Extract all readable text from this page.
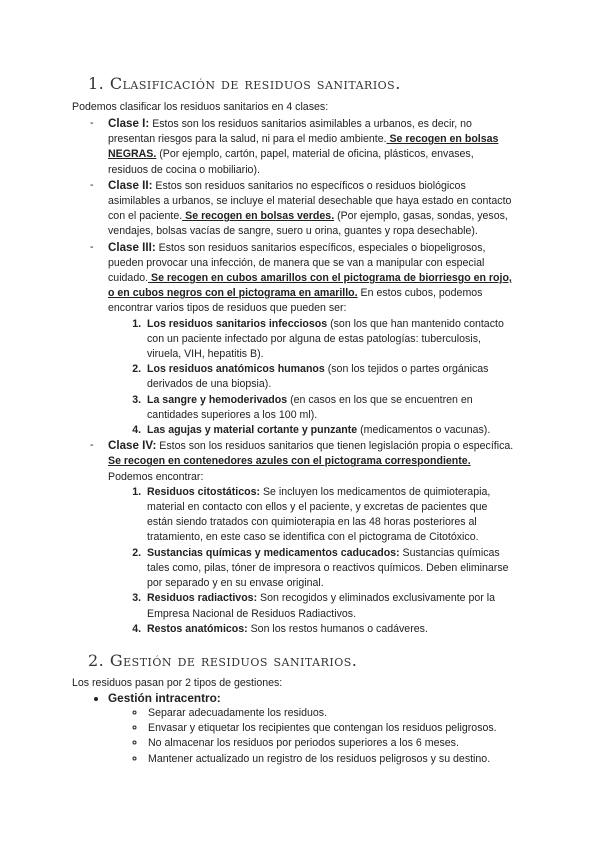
1. Clasificación de residuos sanitarios.
Podemos clasificar los residuos sanitarios en 4 clases:
- Clase I: Estos son los residuos sanitarios asimilables a urbanos, es decir, no presentan riesgos para la salud, ni para el medio ambiente. Se recogen en bolsas NEGRAS. (Por ejemplo, cartón, papel, material de oficina, plásticos, envases, residuos de cocina o mobiliario).
- Clase II: Estos son residuos sanitarios no específicos o residuos biológicos asimilables a urbanos, se incluye el material desechable que haya estado en contacto con el paciente. Se recogen en bolsas verdes. (Por ejemplo, gasas, sondas, yesos, vendajes, bolsas vacías de sangre, suero u orina, guantes y ropa desechable).
- Clase III: Estos son residuos sanitarios específicos, especiales o biopeligrosos, pueden provocar una infección, de manera que se van a manipular con especial cuidado. Se recogen en cubos amarillos con el pictograma de biorriesgo en rojo, o en cubos negros con el pictograma en amarillo. En estos cubos, podemos encontrar varios tipos de residuos que pueden ser:
1. Los residuos sanitarios infecciosos (son los que han mantenido contacto con un paciente infectado por alguna de estas patologías: tuberculosis, viruela, VIH, hepatitis B).
2. Los residuos anatómicos humanos (son los tejidos o partes orgánicas derivados de una biopsia).
3. La sangre y hemoderivados (en casos en los que se encuentren en cantidades superiores a los 100 ml).
4. Las agujas y material cortante y punzante (medicamentos o vacunas).
- Clase IV: Estos son los residuos sanitarios que tienen legislación propia o específica. Se recogen en contenedores azules con el pictograma correspondiente. Podemos encontrar:
1. Residuos citostáticos: Se incluyen los medicamentos de quimioterapia, material en contacto con ellos y el paciente, y excretas de pacientes que están siendo tratados con quimioterapia en las 48 horas posteriores al tratamiento, en este caso se identifica con el pictograma de Citotóxico.
2. Sustancias químicas y medicamentos caducados: Sustancias químicas tales como, pilas, tóner de impresora o reactivos químicos. Deben eliminarse por separado y en su envase original.
3. Residuos radiactivos: Son recogidos y eliminados exclusivamente por la Empresa Nacional de Residuos Radiactivos.
4. Restos anatómicos: Son los restos humanos o cadáveres.
2. Gestión de residuos sanitarios.
Los residuos pasan por 2 tipos de gestiones:
• Gestión intracentro:
◦ Separar adecuadamente los residuos.
◦ Envasar y etiquetar los recipientes que contengan los residuos peligrosos.
◦ No almacenar los residuos por periodos superiores a los 6 meses.
◦ Mantener actualizado un registro de los residuos peligrosos y su destino.
